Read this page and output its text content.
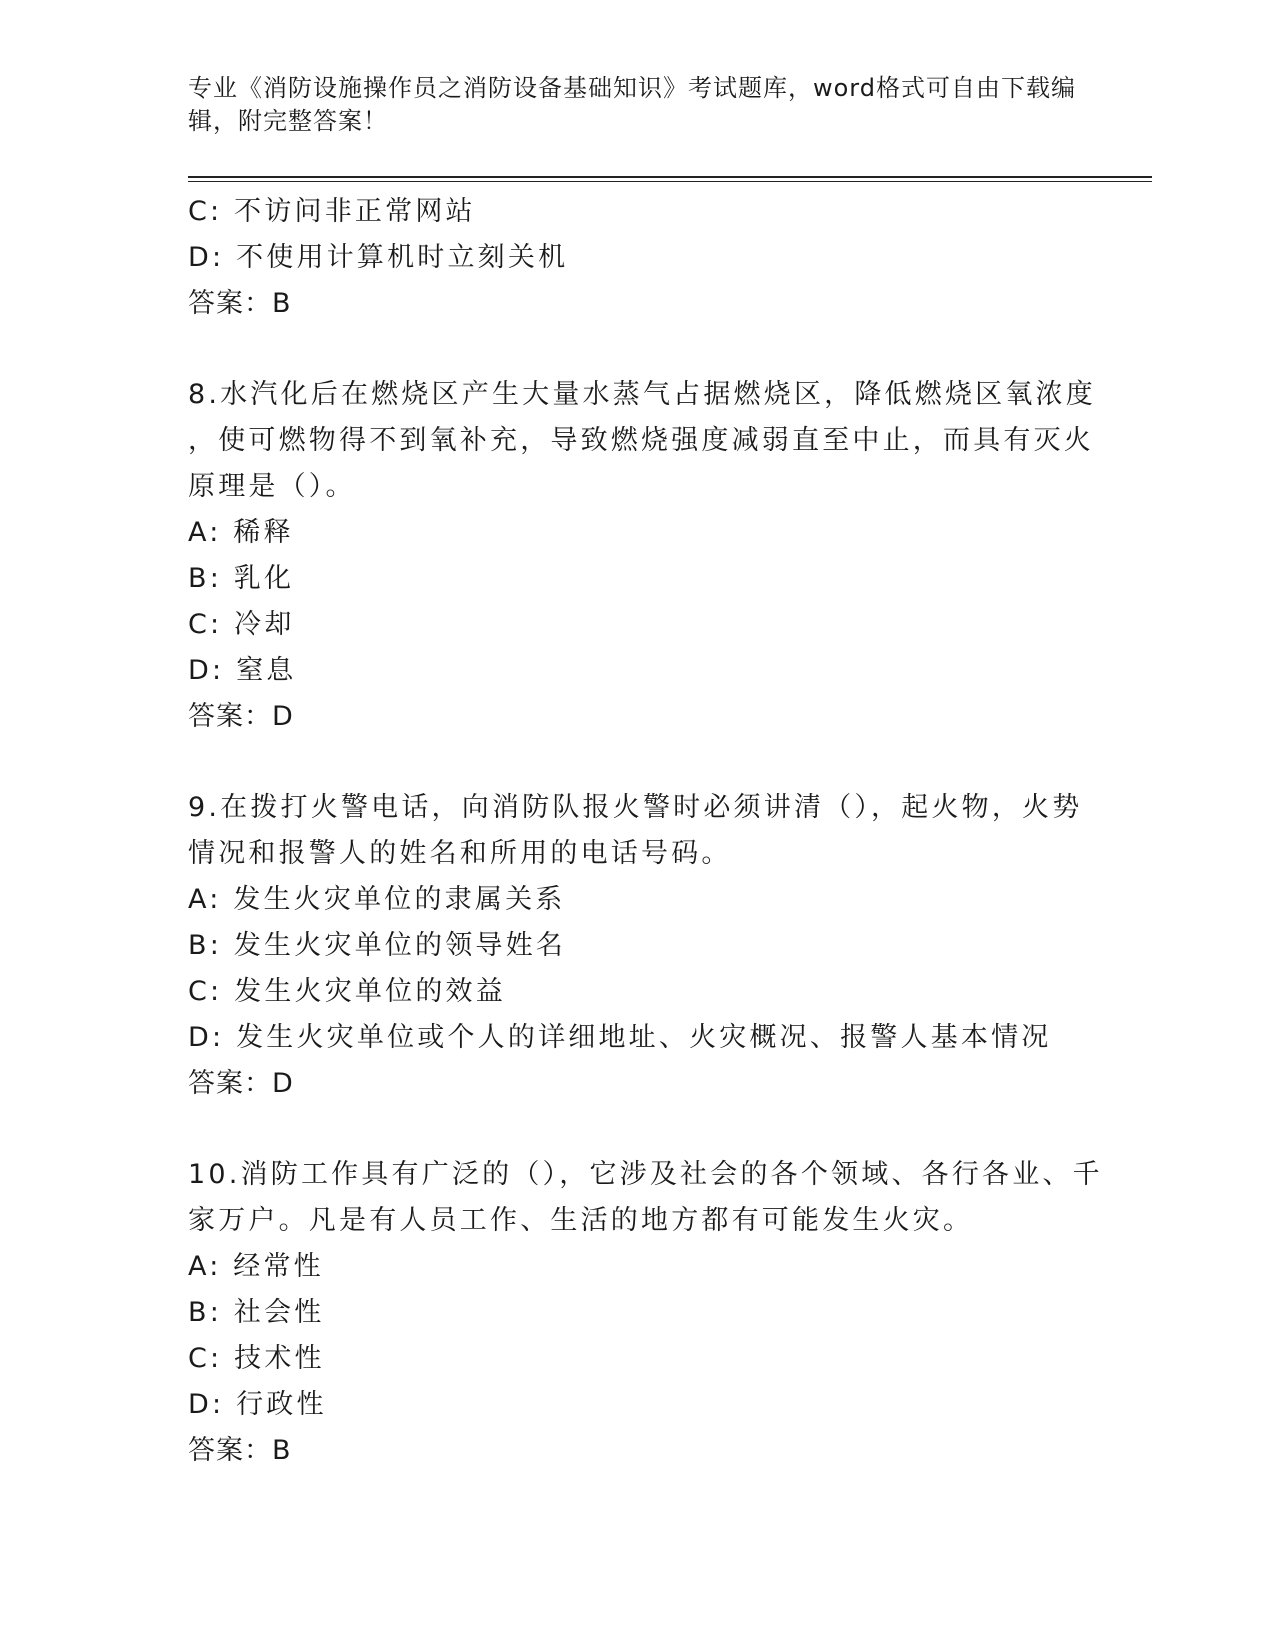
专业《消防设施操作员之消防设备基础知识》考试题库，word格式可自由下载编辑，附完整答案！
C: 不访问非正常网站
D: 不使用计算机时立刻关机
答案：B
8.水汽化后在燃烧区产生大量水蒸气占据燃烧区，降低燃烧区氧浓度
，使可燃物得不到氧补充，导致燃烧强度减弱直至中止，而具有灭火
原理是（）。
A: 稀释
B: 乳化
C: 冷却
D: 窒息
答案：D
9.在拨打火警电话，向消防队报火警时必须讲清（），起火物，火势
情况和报警人的姓名和所用的电话号码。
A: 发生火灾单位的隶属关系
B: 发生火灾单位的领导姓名
C: 发生火灾单位的效益
D: 发生火灾单位或个人的详细地址、火灾概况、报警人基本情况
答案：D
10.消防工作具有广泛的（），它涉及社会的各个领域、各行各业、千
家万户。凡是有人员工作、生活的地方都有可能发生火灾。
A: 经常性
B: 社会性
C: 技术性
D: 行政性
答案：B
